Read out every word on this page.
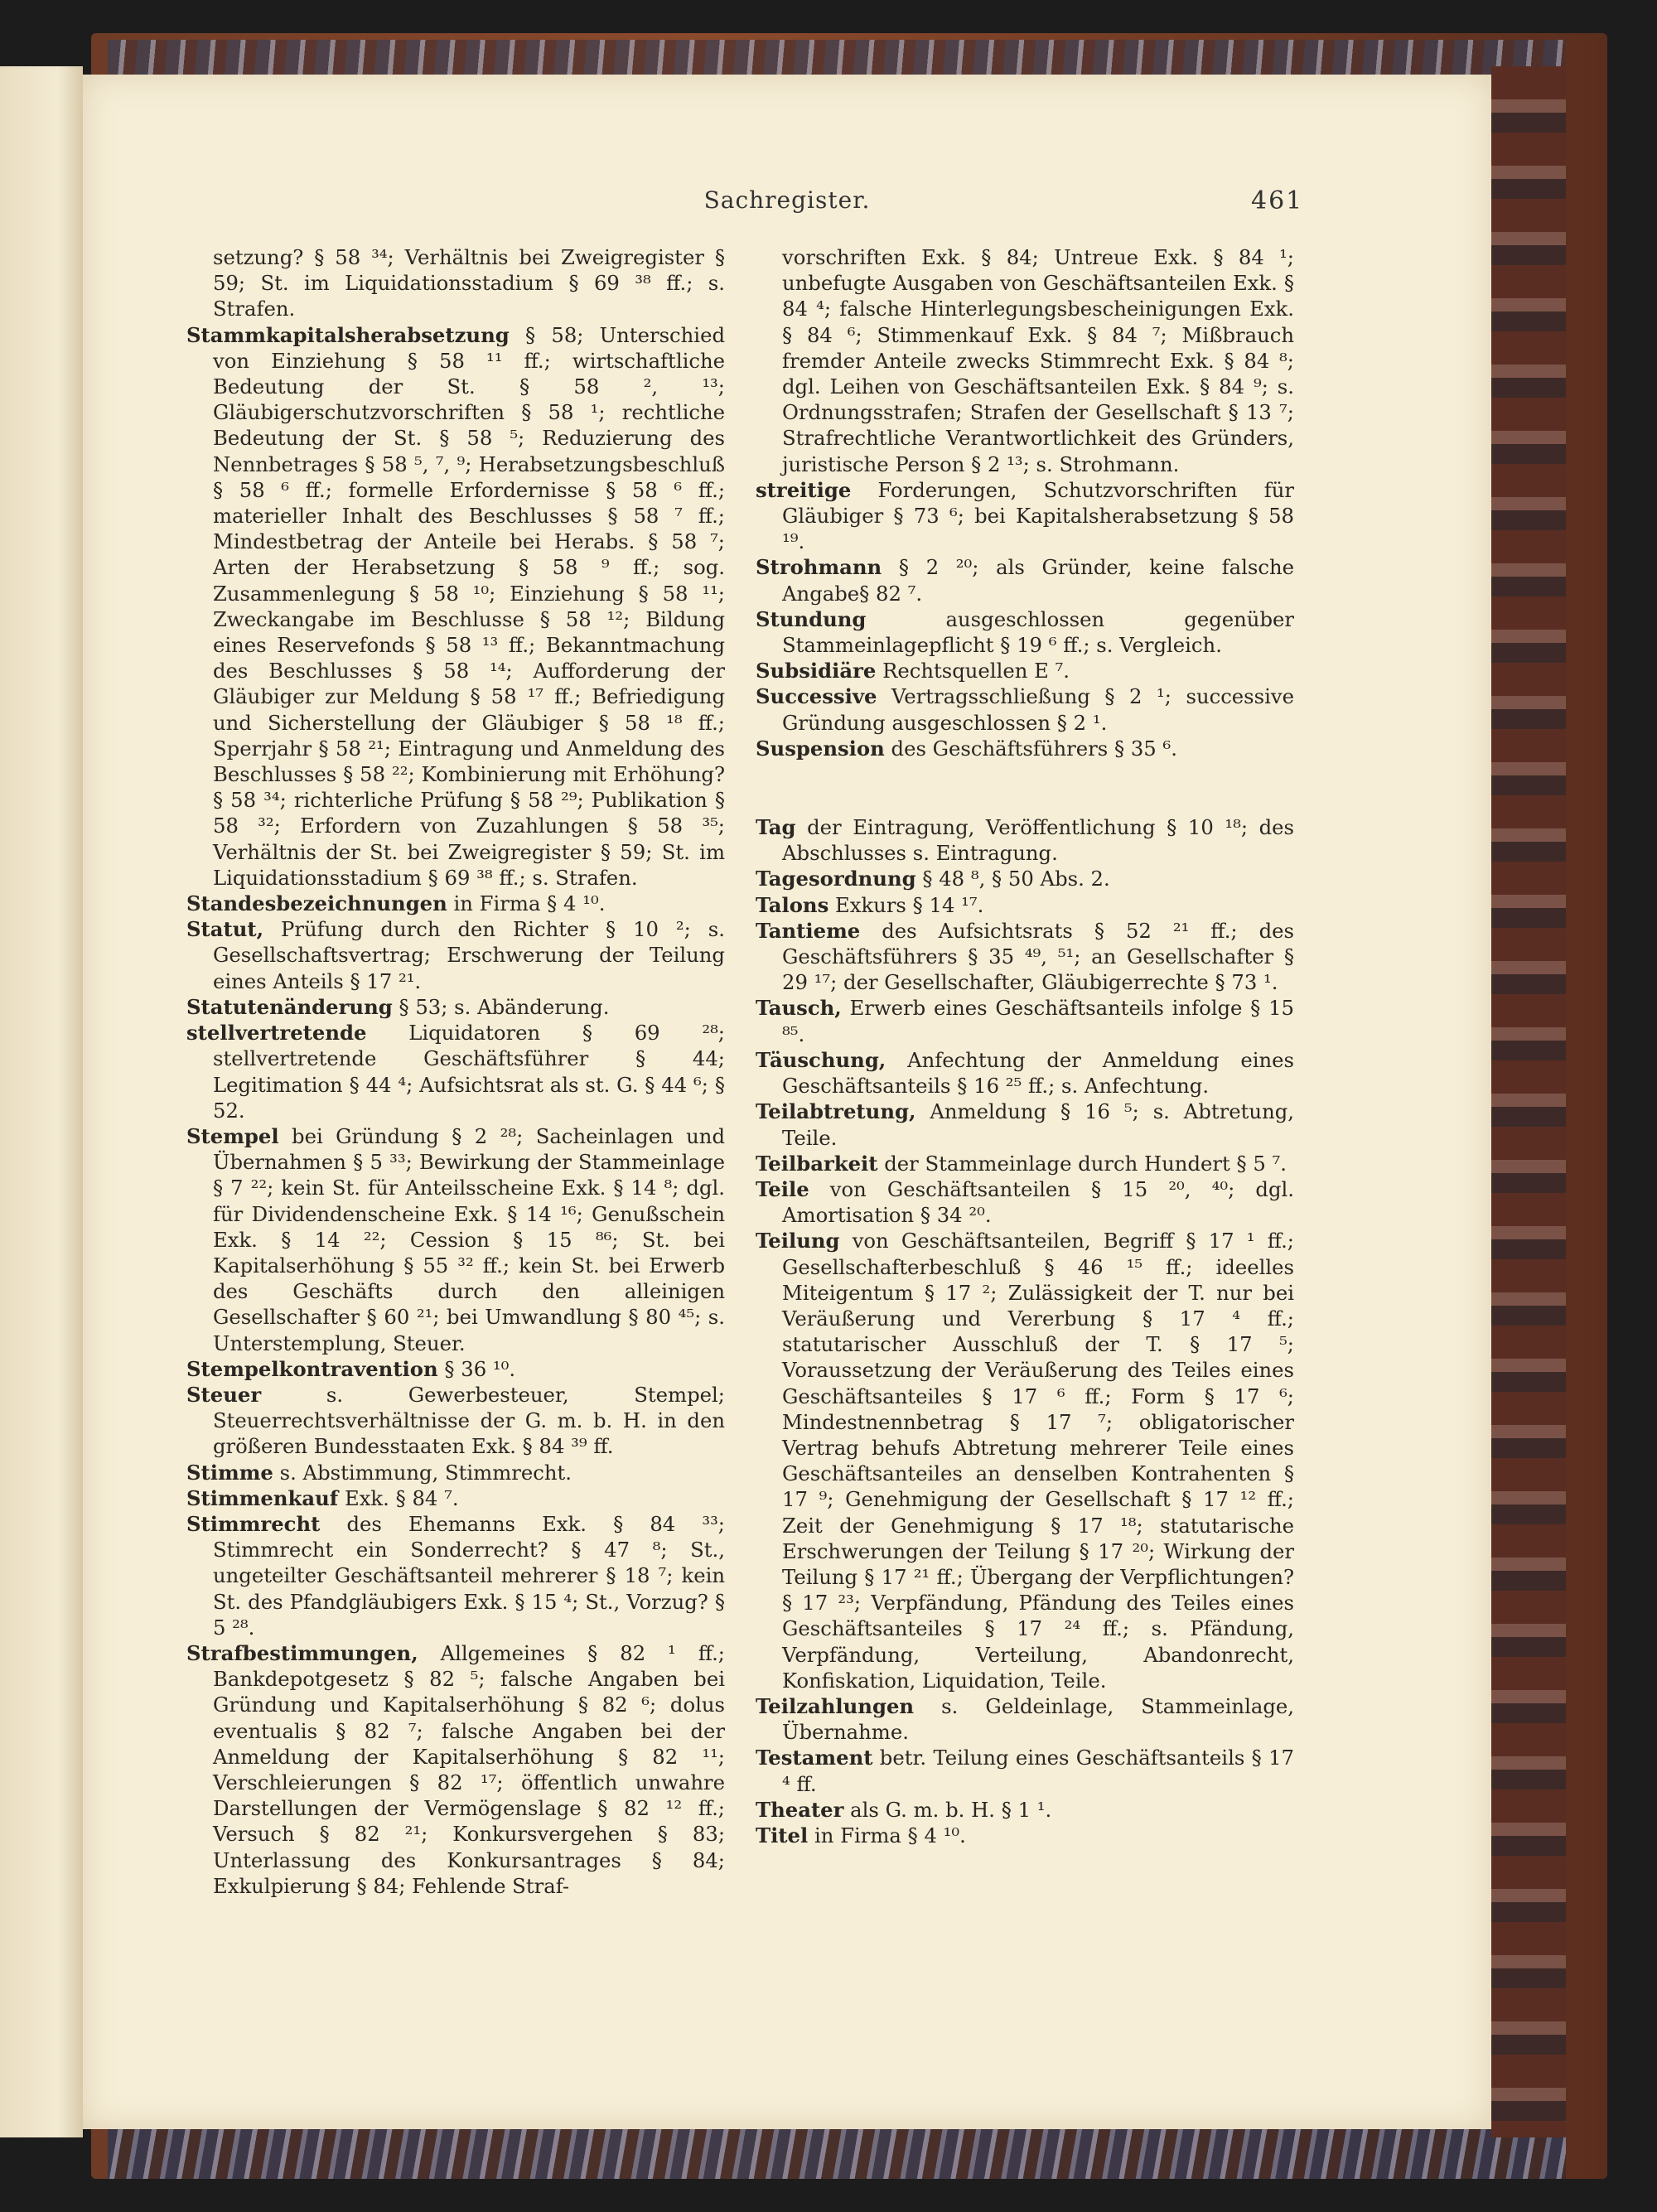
Sachregister.	461

setzung? § 58 ³⁴; Verhältnis bei Zweigregister § 59; St. im Liquidationsstadium § 69 ³⁸ ff.; s. Strafen.

Stammkapitalsherabsetzung § 58; Unterschied von Einziehung § 58 ¹¹ ff.; wirtschaftliche Bedeutung der St. § 58 ², ¹³; Gläubigerschutzvorschriften § 58 ¹; rechtliche Bedeutung der St. § 58 ⁵; Reduzierung des Nennbetrages § 58 ⁵, ⁷, ⁹; Herabsetzungsbeschluß § 58 ⁶ ff.; formelle Erfordernisse § 58 ⁶ ff.; materieller Inhalt des Beschlusses § 58 ⁷ ff.; Mindestbetrag der Anteile bei Herabs. § 58 ⁷; Arten der Herabsetzung § 58 ⁹ ff.; sog. Zusammenlegung § 58 ¹⁰; Einziehung § 58 ¹¹; Zweckangabe im Beschlusse § 58 ¹²; Bildung eines Reservefonds § 58 ¹³ ff.; Bekanntmachung des Beschlusses § 58 ¹⁴; Aufforderung der Gläubiger zur Meldung § 58 ¹⁷ ff.; Befriedigung und Sicherstellung der Gläubiger § 58 ¹⁸ ff.; Sperrjahr § 58 ²¹; Eintragung und Anmeldung des Beschlusses § 58 ²²; Kombinierung mit Erhöhung? § 58 ³⁴; richterliche Prüfung § 58 ²⁹; Publikation § 58 ³²; Erfordern von Zuzahlungen § 58 ³⁵; Verhältnis der St. bei Zweigregister § 59; St. im Liquidationsstadium § 69 ³⁸ ff.; s. Strafen.

Standesbezeichnungen in Firma § 4 ¹⁰.

Statut, Prüfung durch den Richter § 10 ²; s. Gesellschaftsvertrag; Erschwerung der Teilung eines Anteils § 17 ²¹.

Statutenänderung § 53; s. Abänderung.

stellvertretende Liquidatoren § 69 ²⁸; stellvertretende Geschäftsführer § 44; Legitimation § 44 ⁴; Aufsichtsrat als st. G. § 44 ⁶; § 52.

Stempel bei Gründung § 2 ²⁸; Sacheinlagen und Übernahmen § 5 ³³; Bewirkung der Stammeinlage § 7 ²²; kein St. für Anteilsscheine Exk. § 14 ⁸; dgl. für Dividendenscheine Exk. § 14 ¹⁶; Genußschein Exk. § 14 ²²; Cession § 15 ⁸⁶; St. bei Kapitalserhöhung § 55 ³² ff.; kein St. bei Erwerb des Geschäfts durch den alleinigen Gesellschafter § 60 ²¹; bei Umwandlung § 80 ⁴⁵; s. Unterstemplung, Steuer.

Stempelkontravention § 36 ¹⁰.

Steuer s. Gewerbesteuer, Stempel; Steuerrechtsverhältnisse der G. m. b. H. in den größeren Bundesstaaten Exk. § 84 ³⁹ ff.

Stimme s. Abstimmung, Stimmrecht.

Stimmenkauf Exk. § 84 ⁷.

Stimmrecht des Ehemanns Exk. § 84 ³³; Stimmrecht ein Sonderrecht? § 47 ⁸; St., ungeteilter Geschäftsanteil mehrerer § 18 ⁷; kein St. des Pfandgläubigers Exk. § 15 ⁴; St., Vorzug? § 5 ²⁸.

Strafbestimmungen, Allgemeines § 82 ¹ ff.; Bankdepotgesetz § 82 ⁵; falsche Angaben bei Gründung und Kapitalserhöhung § 82 ⁶; dolus eventualis § 82 ⁷; falsche Angaben bei der Anmeldung der Kapitalserhöhung § 82 ¹¹; Verschleierungen § 82 ¹⁷; öffentlich unwahre Darstellungen der Vermögenslage § 82 ¹² ff.; Versuch § 82 ²¹; Konkursvergehen § 83; Unterlassung des Konkursantrages § 84; Exkulpierung § 84; Fehlende Straf-

vorschriften Exk. § 84; Untreue Exk. § 84 ¹; unbefugte Ausgaben von Geschäftsanteilen Exk. § 84 ⁴; falsche Hinterlegungsbescheinigungen Exk. § 84 ⁶; Stimmenkauf Exk. § 84 ⁷; Mißbrauch fremder Anteile zwecks Stimmrecht Exk. § 84 ⁸; dgl. Leihen von Geschäftsanteilen Exk. § 84 ⁹; s. Ordnungsstrafen; Strafen der Gesellschaft § 13 ⁷; Strafrechtliche Verantwortlichkeit des Gründers, juristische Person § 2 ¹³; s. Strohmann.

streitige Forderungen, Schutzvorschriften für Gläubiger § 73 ⁶; bei Kapitalsherabsetzung § 58 ¹⁹.

Strohmann § 2 ²⁰; als Gründer, keine falsche Angabe§ 82 ⁷.

Stundung ausgeschlossen gegenüber Stammeinlagepflicht § 19 ⁶ ff.; s. Vergleich.

Subsidiäre Rechtsquellen E ⁷.

Successive Vertragsschließung § 2 ¹; successive Gründung ausgeschlossen § 2 ¹.

Suspension des Geschäftsführers § 35 ⁶.

Tag der Eintragung, Veröffentlichung § 10 ¹⁸; des Abschlusses s. Eintragung.

Tagesordnung § 48 ⁸, § 50 Abs. 2.

Talons Exkurs § 14 ¹⁷.

Tantieme des Aufsichtsrats § 52 ²¹ ff.; des Geschäftsführers § 35 ⁴⁹, ⁵¹; an Gesellschafter § 29 ¹⁷; der Gesellschafter, Gläubigerrechte § 73 ¹.

Tausch, Erwerb eines Geschäftsanteils infolge § 15 ⁸⁵.

Täuschung, Anfechtung der Anmeldung eines Geschäftsanteils § 16 ²⁵ ff.; s. Anfechtung.

Teilabtretung, Anmeldung § 16 ⁵; s. Abtretung, Teile.

Teilbarkeit der Stammeinlage durch Hundert § 5 ⁷.

Teile von Geschäftsanteilen § 15 ²⁰, ⁴⁰; dgl. Amortisation § 34 ²⁰.

Teilung von Geschäftsanteilen, Begriff § 17 ¹ ff.; Gesellschafterbeschluß § 46 ¹⁵ ff.; ideelles Miteigentum § 17 ²; Zulässigkeit der T. nur bei Veräußerung und Vererbung § 17 ⁴ ff.; statutarischer Ausschluß der T. § 17 ⁵; Voraussetzung der Veräußerung des Teiles eines Geschäftsanteiles § 17 ⁶ ff.; Form § 17 ⁶; Mindestnennbetrag § 17 ⁷; obligatorischer Vertrag behufs Abtretung mehrerer Teile eines Geschäftsanteiles an denselben Kontrahenten § 17 ⁹; Genehmigung der Gesellschaft § 17 ¹² ff.; Zeit der Genehmigung § 17 ¹⁸; statutarische Erschwerungen der Teilung § 17 ²⁰; Wirkung der Teilung § 17 ²¹ ff.; Übergang der Verpflichtungen? § 17 ²³; Verpfändung, Pfändung des Teiles eines Geschäftsanteiles § 17 ²⁴ ff.; s. Pfändung, Verpfändung, Verteilung, Abandonrecht, Konfiskation, Liquidation, Teile.

Teilzahlungen s. Geldeinlage, Stammeinlage, Übernahme.

Testament betr. Teilung eines Geschäftsanteils § 17 ⁴ ff.

Theater als G. m. b. H. § 1 ¹.

Titel in Firma § 4 ¹⁰.
